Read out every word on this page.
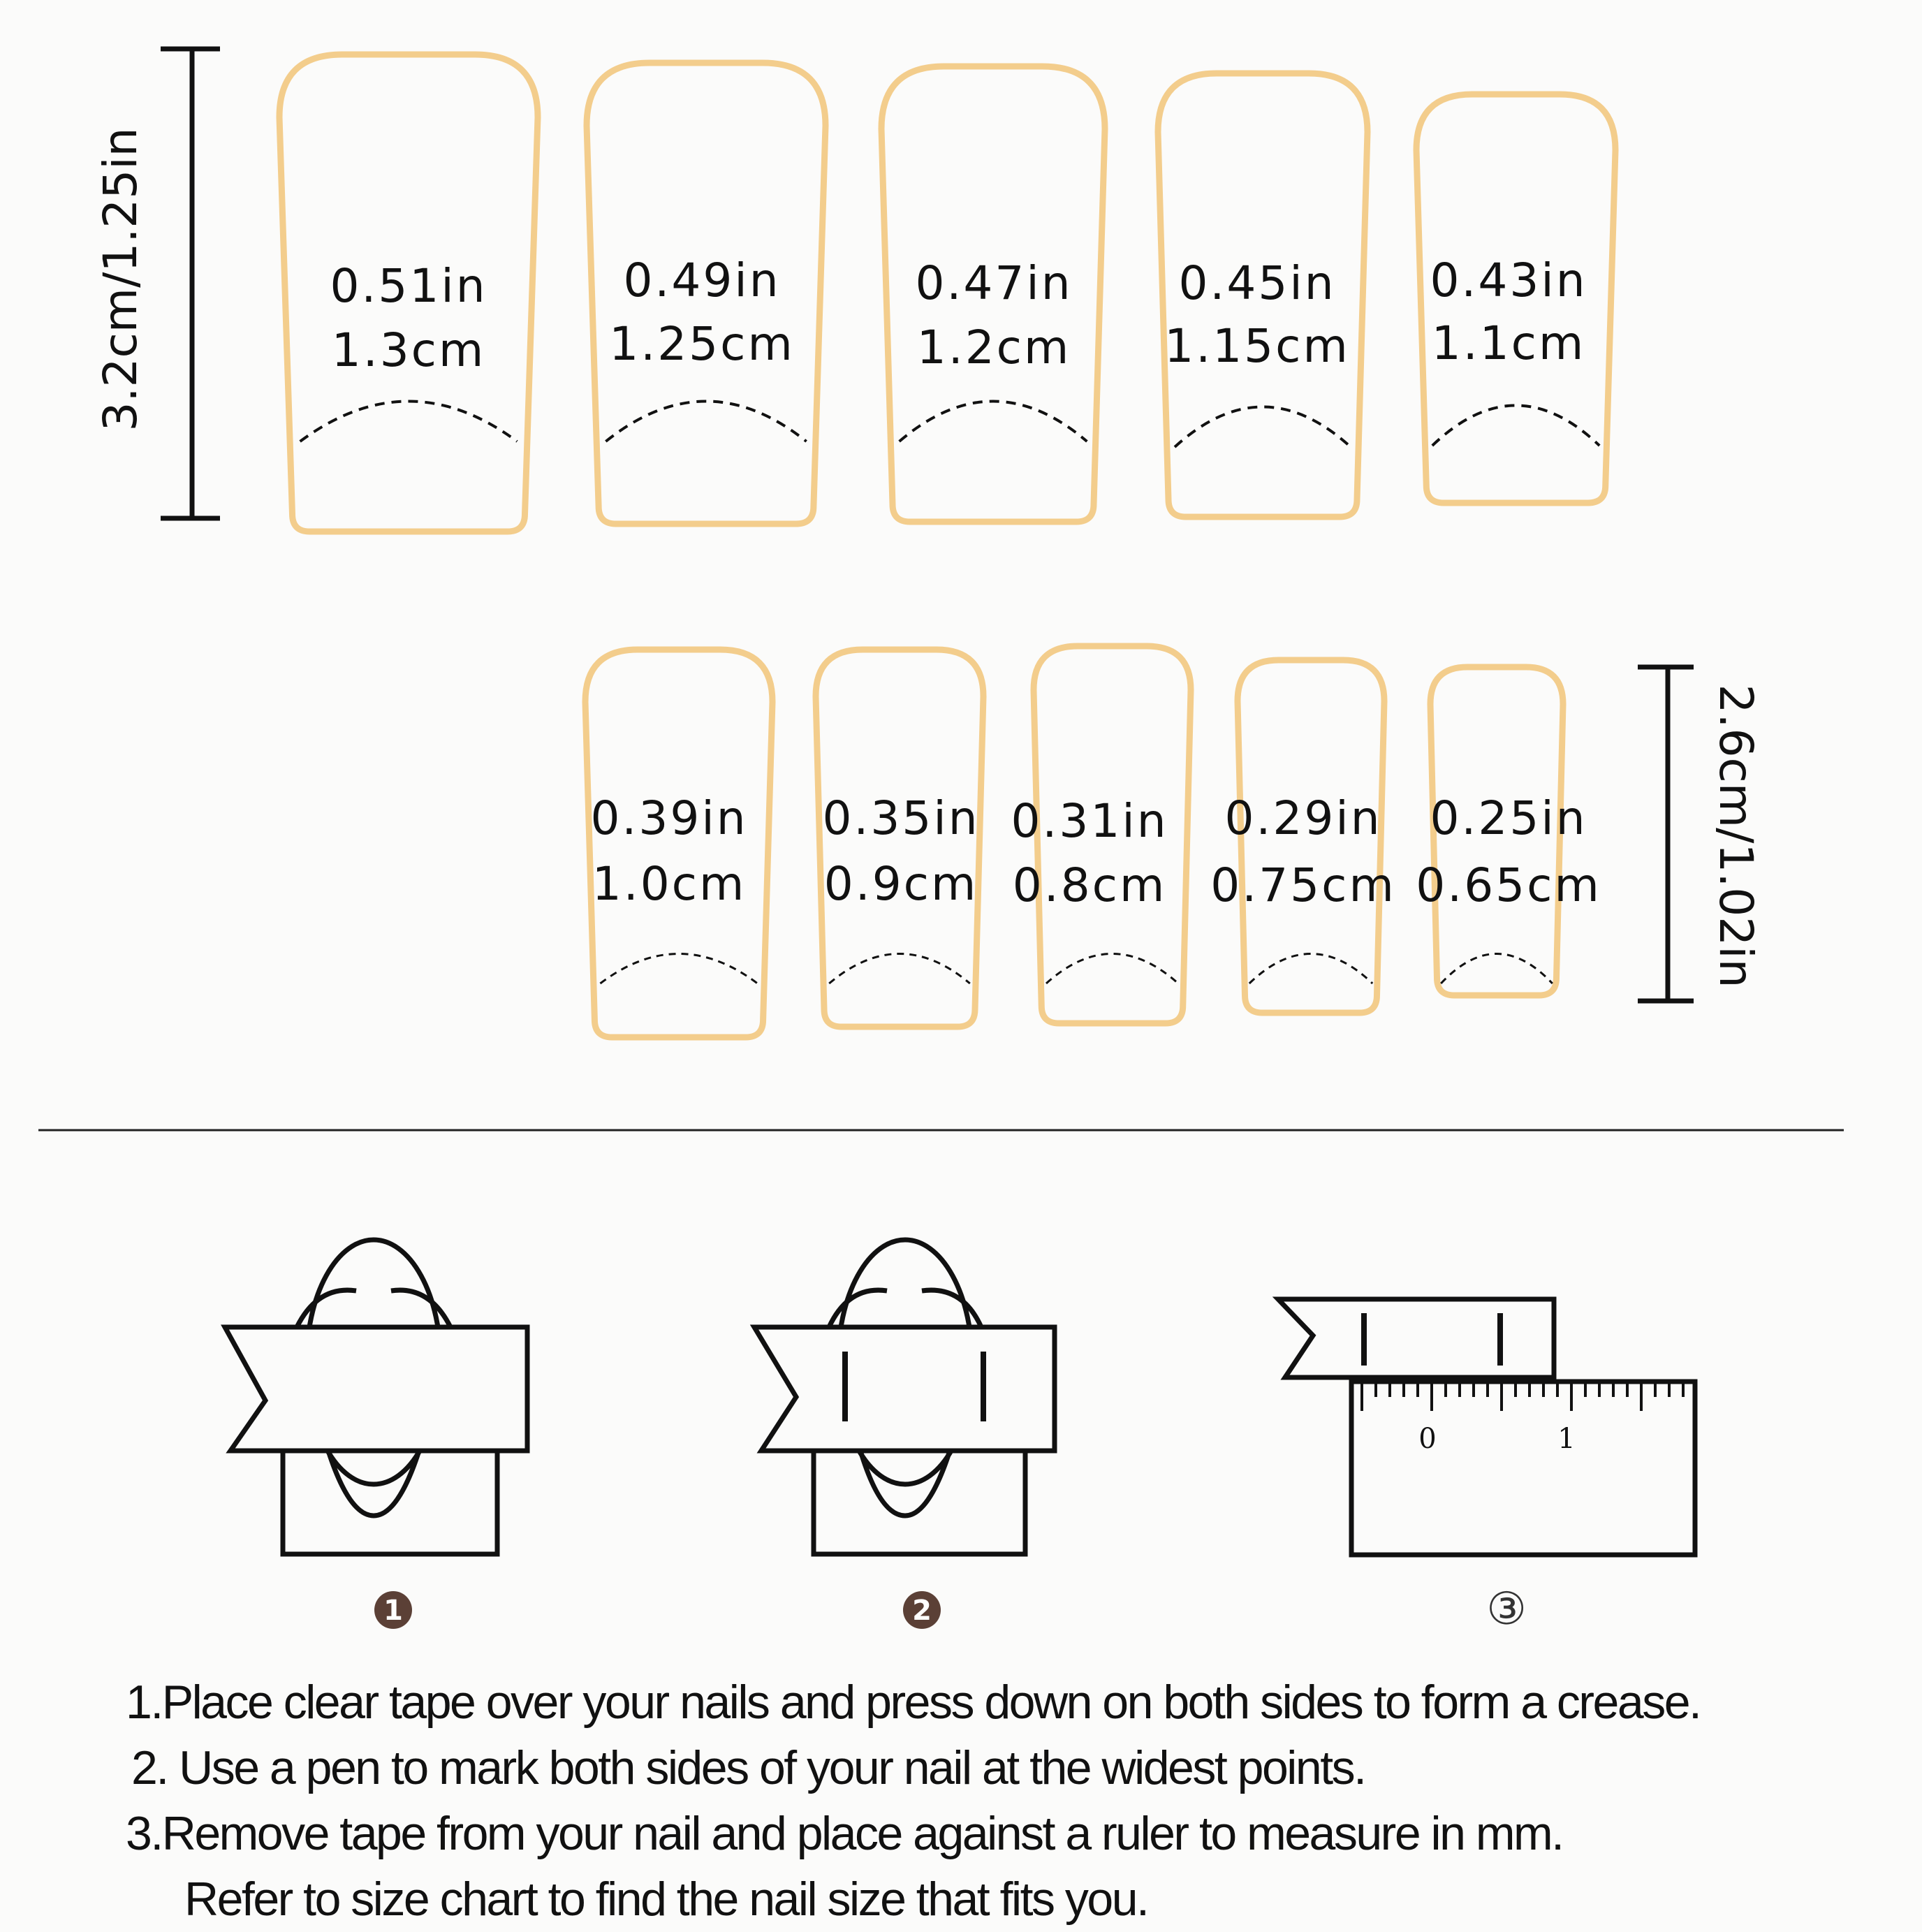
3.2cm/1.25in
2.6cm/1.02in
0.51in
1.3cm
0.49in
1.25cm
0.47in
1.2cm
0.45in
1.15cm
0.43in
1.1cm
0.39in
1.0cm
0.35in
0.9cm
0.31in
0.8cm
0.29in
0.75cm
0.25in
0.65cm
1	2
0	1
③
1.Place clear tape over your nails and press down on both sides to form a crease.
2. Use a pen to mark both sides of your nail at the widest points.
3.Remove tape from your nail and place against a ruler to measure in mm.
Refer to size chart to find the nail size that fits you.
